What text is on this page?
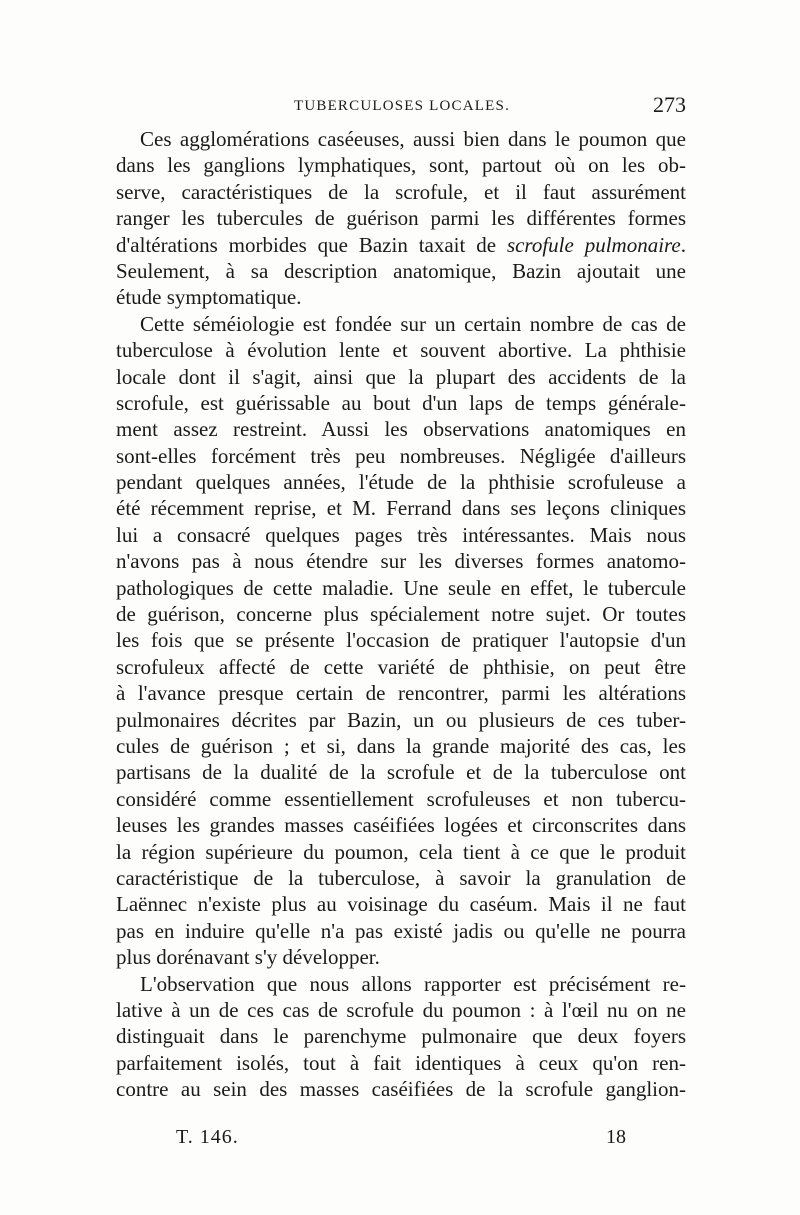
TUBERCULOSES LOCALES.	273
Ces agglomérations caséeuses, aussi bien dans le poumon que
dans les ganglions lymphatiques, sont, partout où on les ob-
serve, caractéristiques de la scrofule, et il faut assurément
ranger les tubercules de guérison parmi les différentes formes
d'altérations morbides que Bazin taxait de scrofule pulmonaire.
Seulement, à sa description anatomique, Bazin ajoutait une
étude symptomatique.
Cette séméiologie est fondée sur un certain nombre de cas de
tuberculose à évolution lente et souvent abortive. La phthisie
locale dont il s'agit, ainsi que la plupart des accidents de la
scrofule, est guérissable au bout d'un laps de temps générale-
ment assez restreint. Aussi les observations anatomiques en
sont-elles forcément très peu nombreuses. Négligée d'ailleurs
pendant quelques années, l'étude de la phthisie scrofuleuse a
été récemment reprise, et M. Ferrand dans ses leçons cliniques
lui a consacré quelques pages très intéressantes. Mais nous
n'avons pas à nous étendre sur les diverses formes anatomo-
pathologiques de cette maladie. Une seule en effet, le tubercule
de guérison, concerne plus spécialement notre sujet. Or toutes
les fois que se présente l'occasion de pratiquer l'autopsie d'un
scrofuleux affecté de cette variété de phthisie, on peut être
à l'avance presque certain de rencontrer, parmi les altérations
pulmonaires décrites par Bazin, un ou plusieurs de ces tuber-
cules de guérison ; et si, dans la grande majorité des cas, les
partisans de la dualité de la scrofule et de la tuberculose ont
considéré comme essentiellement scrofuleuses et non tubercu-
leuses les grandes masses caséifiées logées et circonscrites dans
la région supérieure du poumon, cela tient à ce que le produit
caractéristique de la tuberculose, à savoir la granulation de
Laënnec n'existe plus au voisinage du caséum. Mais il ne faut
pas en induire qu'elle n'a pas existé jadis ou qu'elle ne pourra
plus dorénavant s'y développer.
L'observation que nous allons rapporter est précisément re-
lative à un de ces cas de scrofule du poumon : à l'œil nu on ne
distinguait dans le parenchyme pulmonaire que deux foyers
parfaitement isolés, tout à fait identiques à ceux qu'on ren-
contre au sein des masses caséifiées de la scrofule ganglion-
T. 146.	18
